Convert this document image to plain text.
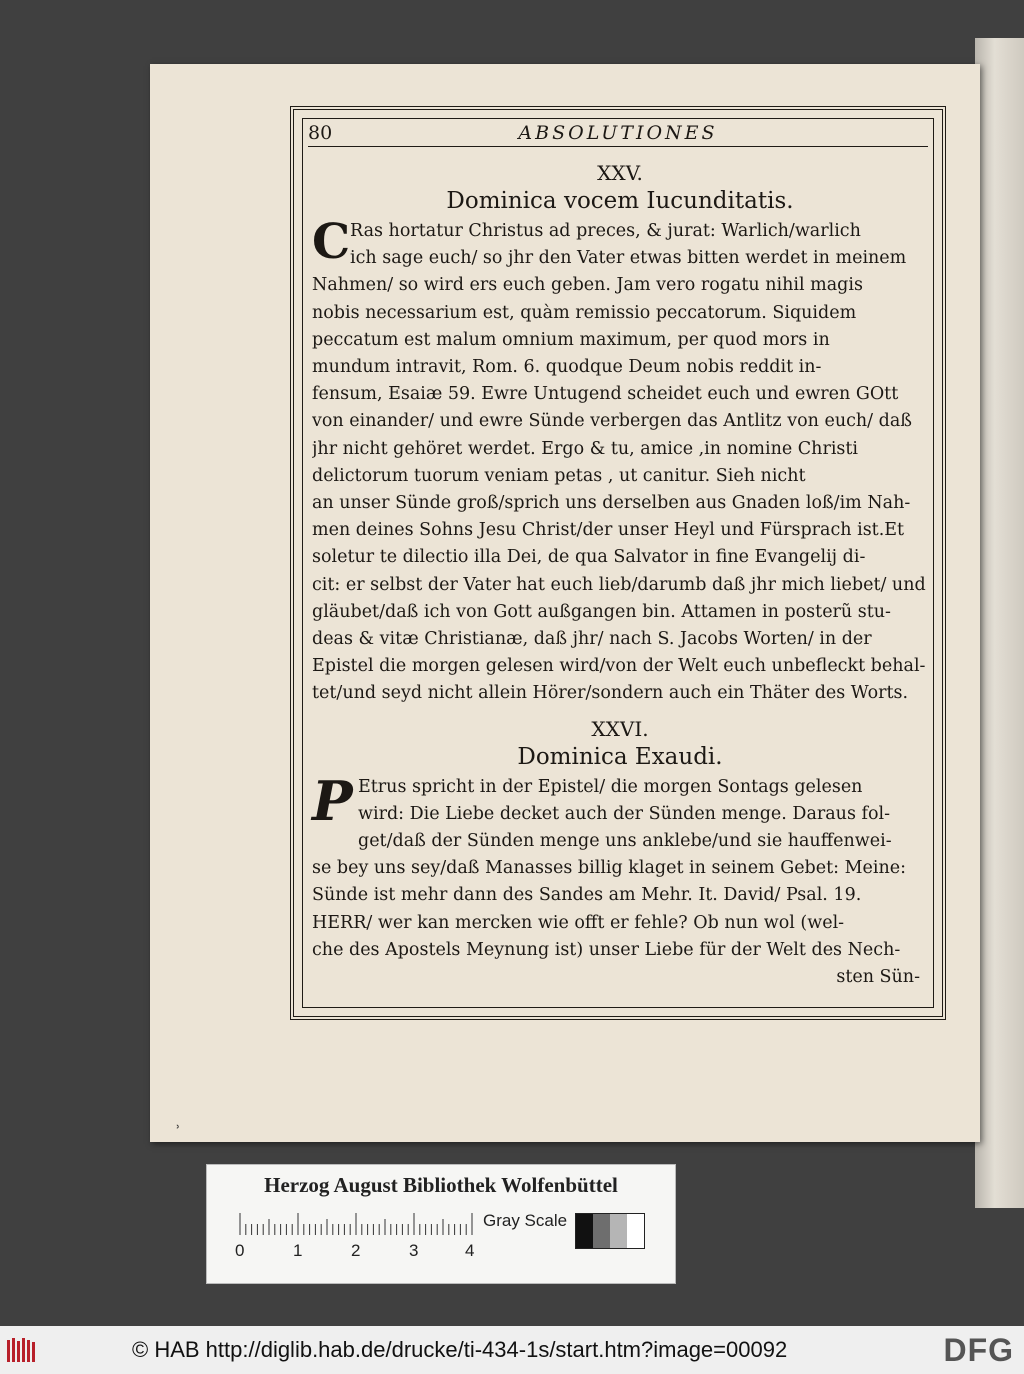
80	ABSOLUTIONES
XXV.
Dominica vocem Iucunditatis.
C Ras hortatur Christus ad preces, & jurat: Warlich/warlich
ich sage euch/ so jhr den Vater etwas bitten werdet in meinem
Nahmen/ so wird ers euch geben. Jam vero rogatu nihil magis
nobis necessarium est, quàm remissio peccatorum. Siquidem
peccatum est malum omnium maximum, per quod mors in
mundum intravit, Rom. 6. quodque Deum nobis reddit in-
fensum, Esaiæ 59. Ewre Untugend scheidet euch und ewren GOtt
von einander/ und ewre Sünde verbergen das Antlitz von euch/ daß
jhr nicht gehöret werdet. Ergo & tu, amice ,in nomine Christi
delictorum tuorum veniam petas , ut canitur. Sieh nicht
an unser Sünde groß/sprich uns derselben aus Gnaden loß/im Nah-
men deines Sohns Jesu Christ/der unser Heyl und Fürsprach ist.Et
soletur te dilectio illa Dei, de qua Salvator in fine Evangelij di-
cit: er selbst der Vater hat euch lieb/darumb daß jhr mich liebet/ und
gläubet/daß ich von Gott außgangen bin. Attamen in posterũ stu-
deas & vitæ Christianæ, daß jhr/ nach S. Jacobs Worten/ in der
Epistel die morgen gelesen wird/von der Welt euch unbefleckt behal-
tet/und seyd nicht allein Hörer/sondern auch ein Thäter des Worts.
XXVI.
Dominica Exaudi.
P Etrus spricht in der Epistel/ die morgen Sontags gelesen
wird: Die Liebe decket auch der Sünden menge. Daraus fol-
get/daß der Sünden menge uns anklebe/und sie hauffenwei-
se bey uns sey/daß Manasses billig klaget in seinem Gebet: Meine:
Sünde ist mehr dann des Sandes am Mehr. It. David/ Psal. 19.
HERR/ wer kan mercken wie offt er fehle? Ob nun wol (wel-
che des Apostels Meynung ist) unser Liebe für der Welt des Nech-
sten Sün-
˒
Herzog August Bibliothek Wolfenbüttel
0	1	2	3	4
Gray Scale
© HAB http://diglib.hab.de/drucke/ti-434-1s/start.htm?image=00092	DFG
